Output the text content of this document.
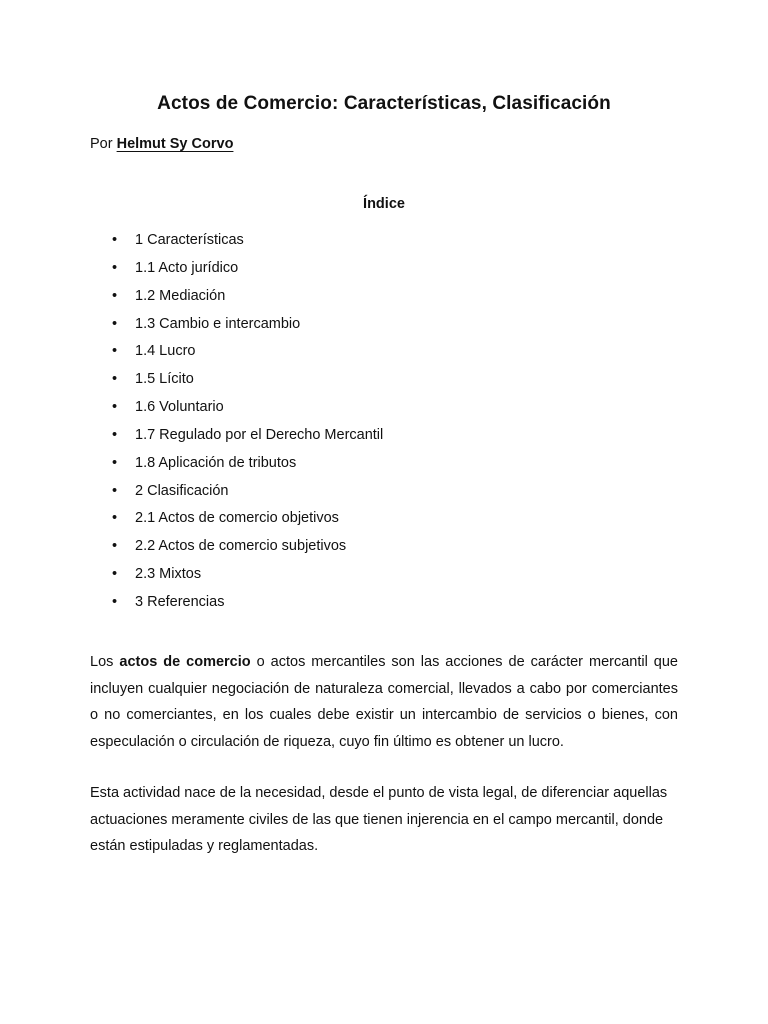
Actos de Comercio: Características, Clasificación
Por Helmut Sy Corvo
Índice
•	1 Características
•	1.1 Acto jurídico
•	1.2 Mediación
•	1.3 Cambio e intercambio
•	1.4 Lucro
•	1.5 Lícito
•	1.6 Voluntario
•	1.7 Regulado por el Derecho Mercantil
•	1.8 Aplicación de tributos
•	2 Clasificación
•	2.1 Actos de comercio objetivos
•	2.2 Actos de comercio subjetivos
•	2.3 Mixtos
•	3 Referencias

Los actos de comercio o actos mercantiles son las acciones de carácter mercantil que incluyen cualquier negociación de naturaleza comercial, llevados a cabo por comerciantes o no comerciantes, en los cuales debe existir un intercambio de servicios o bienes, con especulación o circulación de riqueza, cuyo fin último es obtener un lucro.

Esta actividad nace de la necesidad, desde el punto de vista legal, de diferenciar aquellas actuaciones meramente civiles de las que tienen injerencia en el campo mercantil, donde están estipuladas y reglamentadas.
